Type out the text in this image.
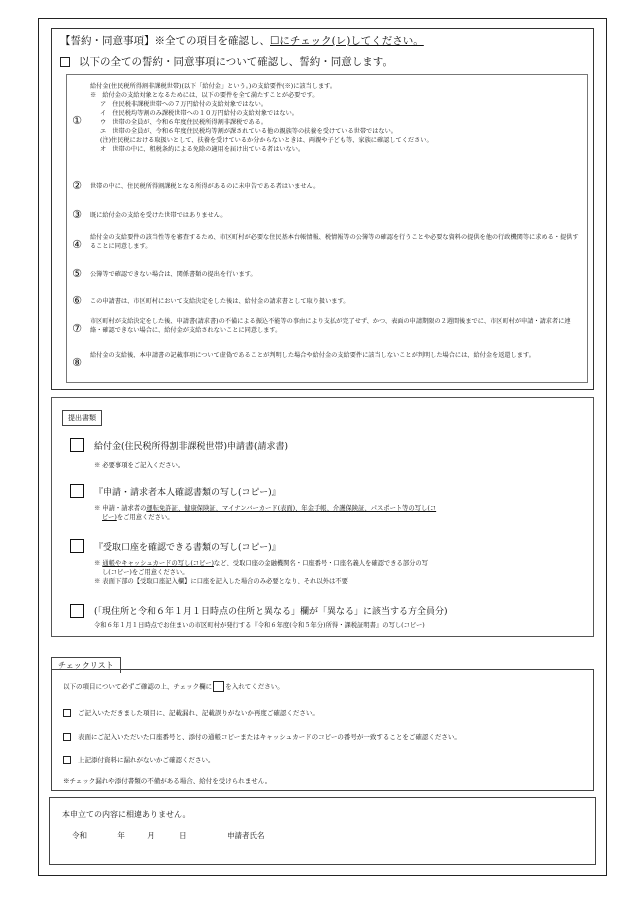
【誓約・同意事項】※全ての項目を確認し、☐にチェック(レ)してください。
以下の全ての誓約・同意事項について確認し、誓約・同意します。
①
給付金(住民税所得割非課税世帯)(以下「給付金」という。)の支給要件(※)に該当します。
※　給付金の支給対象となるためには、以下の要件を全て満たすことが必要です。
ア　住民税非課税世帯への７万円給付の支給対象ではない。
イ　住民税均等割のみ課税世帯への１０万円給付の支給対象ではない。
ウ　世帯の全員が、令和６年度住民税所得割非課税である。
エ　世帯の全員が、令和６年度住民税均等割が課されている他の親族等の扶養を受けている世帯ではない。
(注)住民税における取扱いとして、扶養を受けているか分からないときは、両親や子ども等、家族に確認してください。
オ　世帯の中に、租税条約による免除の適用を届け出ている者はいない。
②	世帯の中に、住民税所得割課税となる所得があるのに未申告である者はいません。
③	既に給付金の支給を受けた世帯ではありません。
④
給付金の支給要件の該当性等を審査するため、市区町村が必要な住民基本台帳情報、税情報等の公簿等の確認を行うことや必要な資料の提供を他の行政機関等に求める・提供することに同意します。
⑤	公簿等で確認できない場合は、関係書類の提出を行います。
⑥	この申請書は、市区町村において支給決定をした後は、給付金の請求書として取り扱います。
⑦
市区町村が支給決定をした後、申請書(請求書)の不備による振込不能等の事由により支払が完了せず、かつ、表面の申請期限の２週間後までに、市区町村が申請・請求者に連絡・確認できない場合に、給付金が支給されないことに同意します。
⑧
給付金の支給後、本申請書の記載事項について虚偽であることが判明した場合や給付金の支給要件に該当しないことが判明した場合には、給付金を返還します。
提出書類
給付金(住民税所得割非課税世帯)申請書(請求書)
※ 必要事項をご記入ください。
『申請・請求者本人確認書類の写し(コピー)』
※ 申請・請求者の運転免許証、健康保険証、マイナンバーカード(表面)、年金手帳、介護保険証、パスポート等の写し(コ
ピー)をご用意ください。
『受取口座を確認できる書類の写し(コピー)』
※ 通帳やキャッシュカードの写し(コピー)など、受取口座の金融機関名・口座番号・口座名義人を確認できる部分の写
し(コピー)をご用意ください。
※ 表面下部の【受取口座記入欄】に口座を記入した場合のみ必要となり、それ以外は不要
(「現住所と令和６年１月１日時点の住所と異なる」欄が「異なる」に該当する方全員分)
令和６年１月１日時点でお住まいの市区町村が発行する『令和６年度(令和５年分)所得・課税証明書』の写し(コピー)
チェックリスト
以下の項目について必ずご確認の上、チェック欄に を入れてください。
ご記入いただきました項目に、記載漏れ、記載誤りがないか再度ご確認ください。
表面にご記入いただいた口座番号と、添付の通帳コピーまたはキャッシュカードのコピーの番号が一致することをご確認ください。
上記添付資料に漏れがないかご確認ください。
※チェック漏れや添付書類の不備がある場合、給付を受けられません。
本申立ての内容に相違ありません。
令和	年	月	日	申請者氏名
